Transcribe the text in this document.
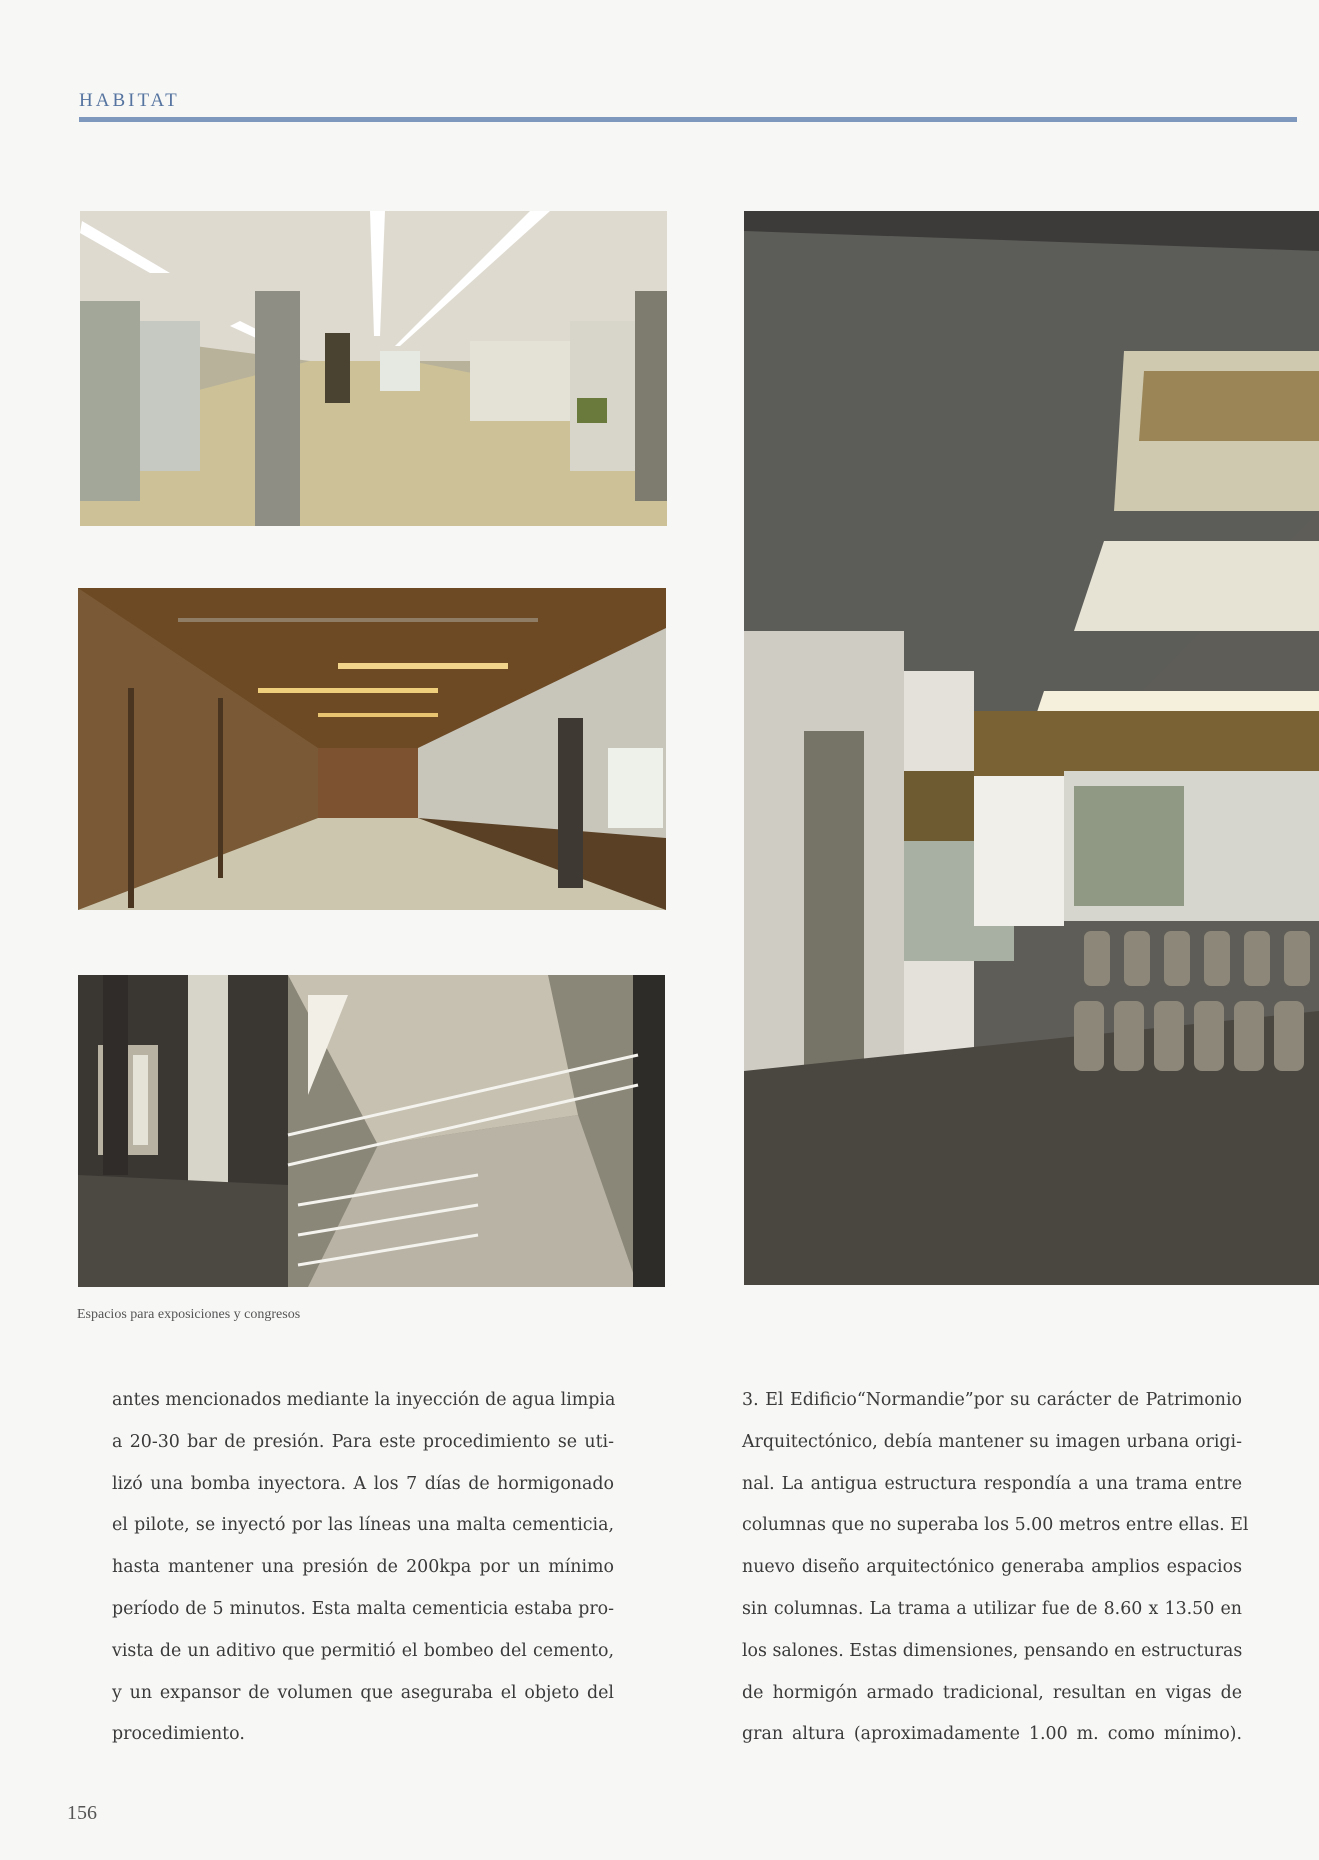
HABITAT
Espacios para exposiciones y congresos
antes mencionados mediante la inyección de agua limpia
a 20-30 bar de presión. Para este procedimiento se uti-
lizó una bomba inyectora. A los 7 días de hormigonado
el pilote, se inyectó por las líneas una malta cementicia,
hasta mantener una presión de 200kpa por un mínimo
período de 5 minutos. Esta malta cementicia estaba pro-
vista de un aditivo que permitió el bombeo del cemento,
y un expansor de volumen que aseguraba el objeto del
procedimiento.
3. El Edificio“Normandie”por su carácter de Patrimonio
Arquitectónico, debía mantener su imagen urbana origi-
nal. La antigua estructura respondía a una trama entre
columnas que no superaba los 5.00 metros entre ellas. El
nuevo diseño arquitectónico generaba amplios espacios
sin columnas. La trama a utilizar fue de 8.60 x 13.50 en
los salones. Estas dimensiones, pensando en estructuras
de hormigón armado tradicional, resultan en vigas de
gran altura (aproximadamente 1.00 m. como mínimo).
156
